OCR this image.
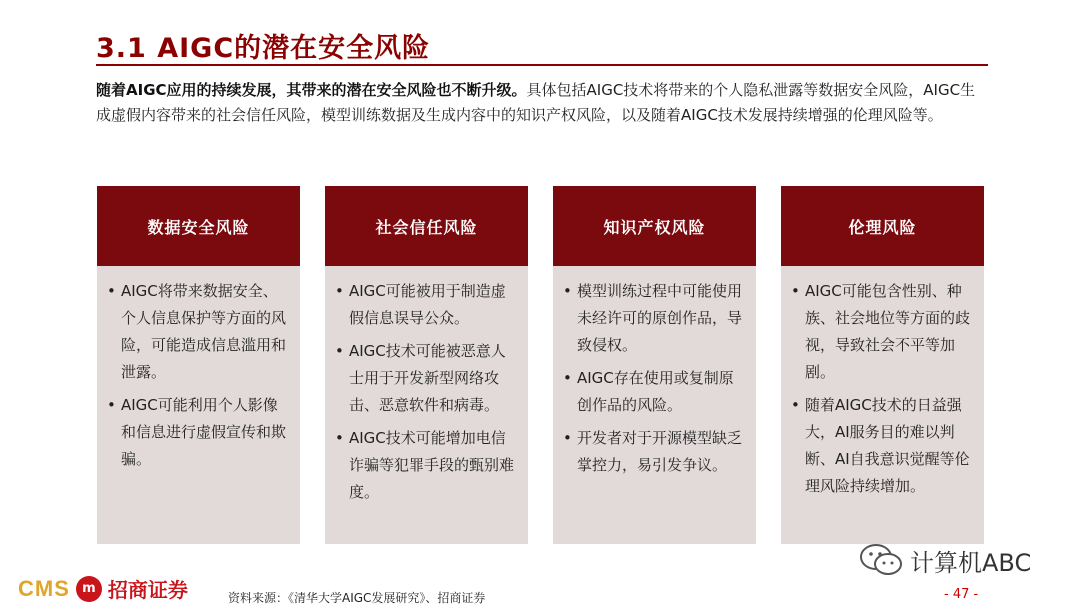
3.1 AIGC的潜在安全风险
随着AIGC应用的持续发展，其带来的潜在安全风险也不断升级。具体包括AIGC技术将带来的个人隐私泄露等数据安全风险，AIGC生成虚假内容带来的社会信任风险，模型训练数据及生成内容中的知识产权风险，以及随着AIGC技术发展持续增强的伦理风险等。
数据安全风险
• AIGC将带来数据安全、个人信息保护等方面的风险，可能造成信息滥用和泄露。
• AIGC可能利用个人影像和信息进行虚假宣传和欺骗。
社会信任风险
• AIGC可能被用于制造虚假信息误导公众。
• AIGC技术可能被恶意人士用于开发新型网络攻击、恶意软件和病毒。
• AIGC技术可能增加电信诈骗等犯罪手段的甄别难度。
知识产权风险
• 模型训练过程中可能使用未经许可的原创作品，导致侵权。
• AIGC存在使用或复制原创作品的风险。
• 开发者对于开源模型缺乏掌控力，易引发争议。
伦理风险
• AIGC可能包含性别、种族、社会地位等方面的歧视，导致社会不平等加剧。
• 随着AIGC技术的日益强大，AI服务目的难以判断、AI自我意识觉醒等伦理风险持续增加。
CMS m 招商证券	资料来源：《清华大学AIGC发展研究》、招商证券	- 47 -
计算机ABC
